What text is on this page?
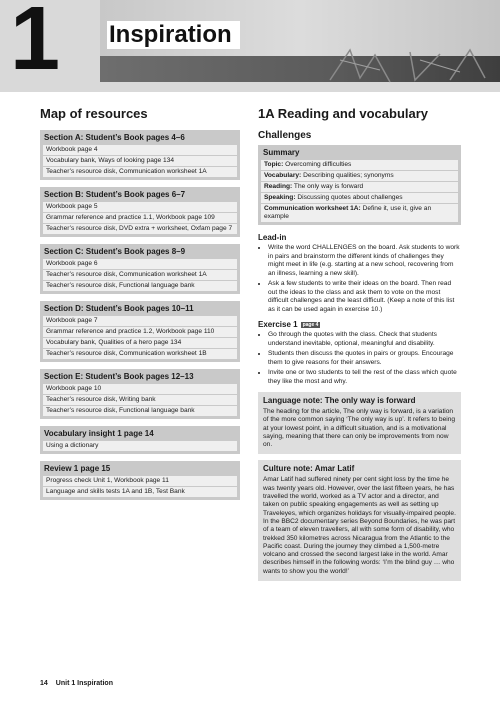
1 Inspiration
Map of resources
Section A: Student’s Book pages 4–6
Workbook page 4
Vocabulary bank, Ways of looking page 134
Teacher’s resource disk, Communication worksheet 1A
Section B: Student’s Book pages 6–7
Workbook page 5
Grammar reference and practice 1.1, Workbook page 109
Teacher’s resource disk, DVD extra + worksheet, Oxfam page 7
Section C: Student’s Book pages 8–9
Workbook page 6
Teacher’s resource disk, Communication worksheet 1A
Teacher’s resource disk, Functional language bank
Section D: Student’s Book pages 10–11
Workbook page 7
Grammar reference and practice 1.2, Workbook page 110
Vocabulary bank, Qualities of a hero page 134
Teacher’s resource disk, Communication worksheet 1B
Section E: Student’s Book pages 12–13
Workbook page 10
Teacher’s resource disk, Writing bank
Teacher’s resource disk, Functional language bank
Vocabulary insight 1 page 14
Using a dictionary
Review 1 page 15
Progress check Unit 1, Workbook page 11
Language and skills tests 1A and 1B, Test Bank
1A Reading and vocabulary
Challenges
Summary
Topic: Overcoming difficulties
Vocabulary: Describing qualities; synonyms
Reading: The only way is forward
Speaking: Discussing quotes about challenges
Communication worksheet 1A: Define it, use it, give an example
Lead-in
• Write the word CHALLENGES on the board. Ask students to work in pairs and brainstorm the different kinds of challenges they might meet in life (e.g. starting at a new school, recovering from an illness, learning a new skill).
• Ask a few students to write their ideas on the board. Then read out the ideas to the class and ask them to vote on the most difficult challenges and the least difficult. (Keep a note of this list as it can be used again in exercise 10.)
Exercise 1 page 4
• Go through the quotes with the class. Check that students understand inevitable, optional, meaningful and disability.
• Students then discuss the quotes in pairs or groups. Encourage them to give reasons for their answers.
• Invite one or two students to tell the rest of the class which quote they like the most and why.
Language note: The only way is forward

The heading for the article, The only way is forward, is a variation of the more common saying ‘The only way is up’. It refers to being at your lowest point, in a difficult situation, and is a motivational saying, meaning that there can only be improvements from now on.

Culture note: Amar Latif

Amar Latif had suffered ninety per cent sight loss by the time he was twenty years old. However, over the last fifteen years, he has travelled the world, worked as a TV actor and a director, and taken on public speaking engagements as well as setting up Traveleyes, which organizes holidays for visually-impaired people. In the BBC2 documentary series Beyond Boundaries, he was part of a team of eleven travellers, all with some form of disability, who trekked 350 kilometres across Nicaragua from the Atlantic to the Pacific coast. During the journey they climbed a 1,500-metre volcano and crossed the second largest lake in the world. Amar describes himself in the following words: ‘I’m the blind guy … who wants to show you the world!’

14 Unit 1 Inspiration
